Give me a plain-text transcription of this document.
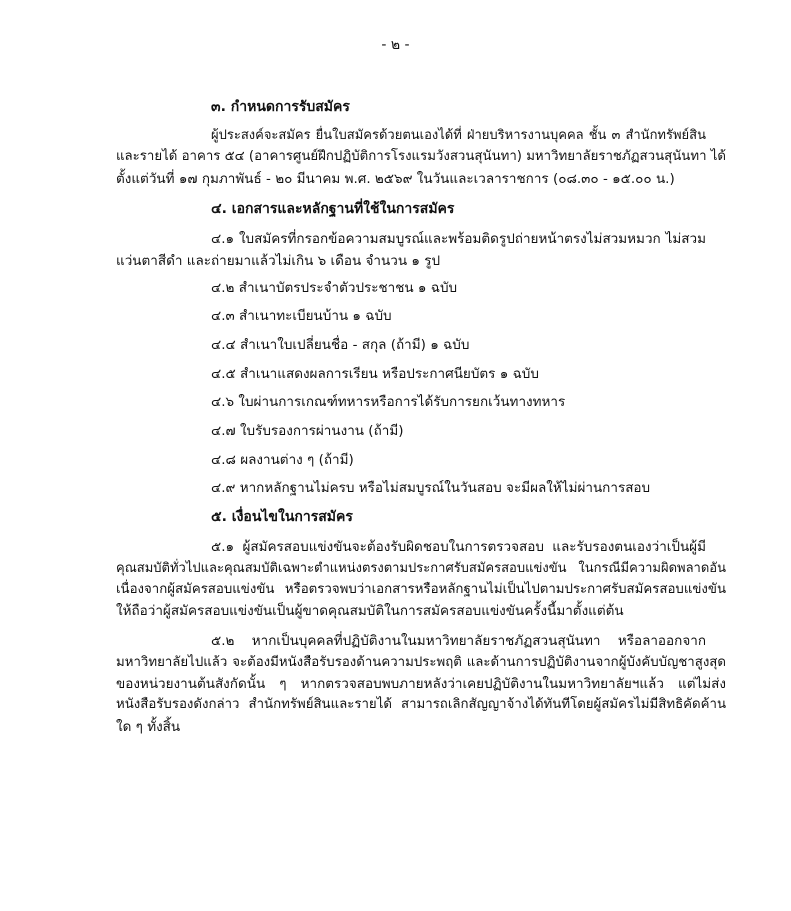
- ๒ -
๓. กำหนดการรับสมัคร
ผู้ประสงค์จะสมัคร ยื่นใบสมัครด้วยตนเองได้ที่ ฝ่ายบริหารงานบุคคล ชั้น ๓ สำนักทรัพย์สิน
และรายได้ อาคาร ๕๔ (อาคารศูนย์ฝึกปฏิบัติการโรงแรมวังสวนสุนันทา) มหาวิทยาลัยราชภัฏสวนสุนันทา ได้
ตั้งแต่วันที่ ๑๗ กุมภาพันธ์ - ๒๐ มีนาคม พ.ศ. ๒๕๖๙ ในวันและเวลาราชการ (๐๘.๓๐ - ๑๕.๐๐ น.)
๔. เอกสารและหลักฐานที่ใช้ในการสมัคร
๔.๑ ใบสมัครที่กรอกข้อความสมบูรณ์และพร้อมติดรูปถ่ายหน้าตรงไม่สวมหมวก ไม่สวม
แว่นตาสีดำ และถ่ายมาแล้วไม่เกิน ๖ เดือน จำนวน ๑ รูป
๔.๒ สำเนาบัตรประจำตัวประชาชน ๑ ฉบับ
๔.๓ สำเนาทะเบียนบ้าน ๑ ฉบับ
๔.๔ สำเนาใบเปลี่ยนชื่อ - สกุล (ถ้ามี) ๑ ฉบับ
๔.๕ สำเนาแสดงผลการเรียน หรือประกาศนียบัตร ๑ ฉบับ
๔.๖ ใบผ่านการเกณฑ์ทหารหรือการได้รับการยกเว้นทางทหาร
๔.๗ ใบรับรองการผ่านงาน (ถ้ามี)
๔.๘ ผลงานต่าง ๆ (ถ้ามี)
๔.๙ หากหลักฐานไม่ครบ หรือไม่สมบูรณ์ในวันสอบ จะมีผลให้ไม่ผ่านการสอบ
๕. เงื่อนไขในการสมัคร
๕.๑ ผู้สมัครสอบแข่งขันจะต้องรับผิดชอบในการตรวจสอบ และรับรองตนเองว่าเป็นผู้มี
คุณสมบัติทั่วไปและคุณสมบัติเฉพาะตำแหน่งตรงตามประกาศรับสมัครสอบแข่งขัน ในกรณีมีความผิดพลาดอัน
เนื่องจากผู้สมัครสอบแข่งขัน หรือตรวจพบว่าเอกสารหรือหลักฐานไม่เป็นไปตามประกาศรับสมัครสอบแข่งขัน
ให้ถือว่าผู้สมัครสอบแข่งขันเป็นผู้ขาดคุณสมบัติในการสมัครสอบแข่งขันครั้งนี้มาตั้งแต่ต้น
๕.๒ หากเป็นบุคคลที่ปฏิบัติงานในมหาวิทยาลัยราชภัฏสวนสุนันทา หรือลาออกจาก
มหาวิทยาลัยไปแล้ว จะต้องมีหนังสือรับรองด้านความประพฤติ และด้านการปฏิบัติงานจากผู้บังคับบัญชาสูงสุด
ของหน่วยงานต้นสังกัดนั้น ๆ หากตรวจสอบพบภายหลังว่าเคยปฏิบัติงานในมหาวิทยาลัยฯแล้ว แต่ไม่ส่ง
หนังสือรับรองดังกล่าว สำนักทรัพย์สินและรายได้ สามารถเลิกสัญญาจ้างได้ทันทีโดยผู้สมัครไม่มีสิทธิคัดค้าน
ใด ๆ ทั้งสิ้น
